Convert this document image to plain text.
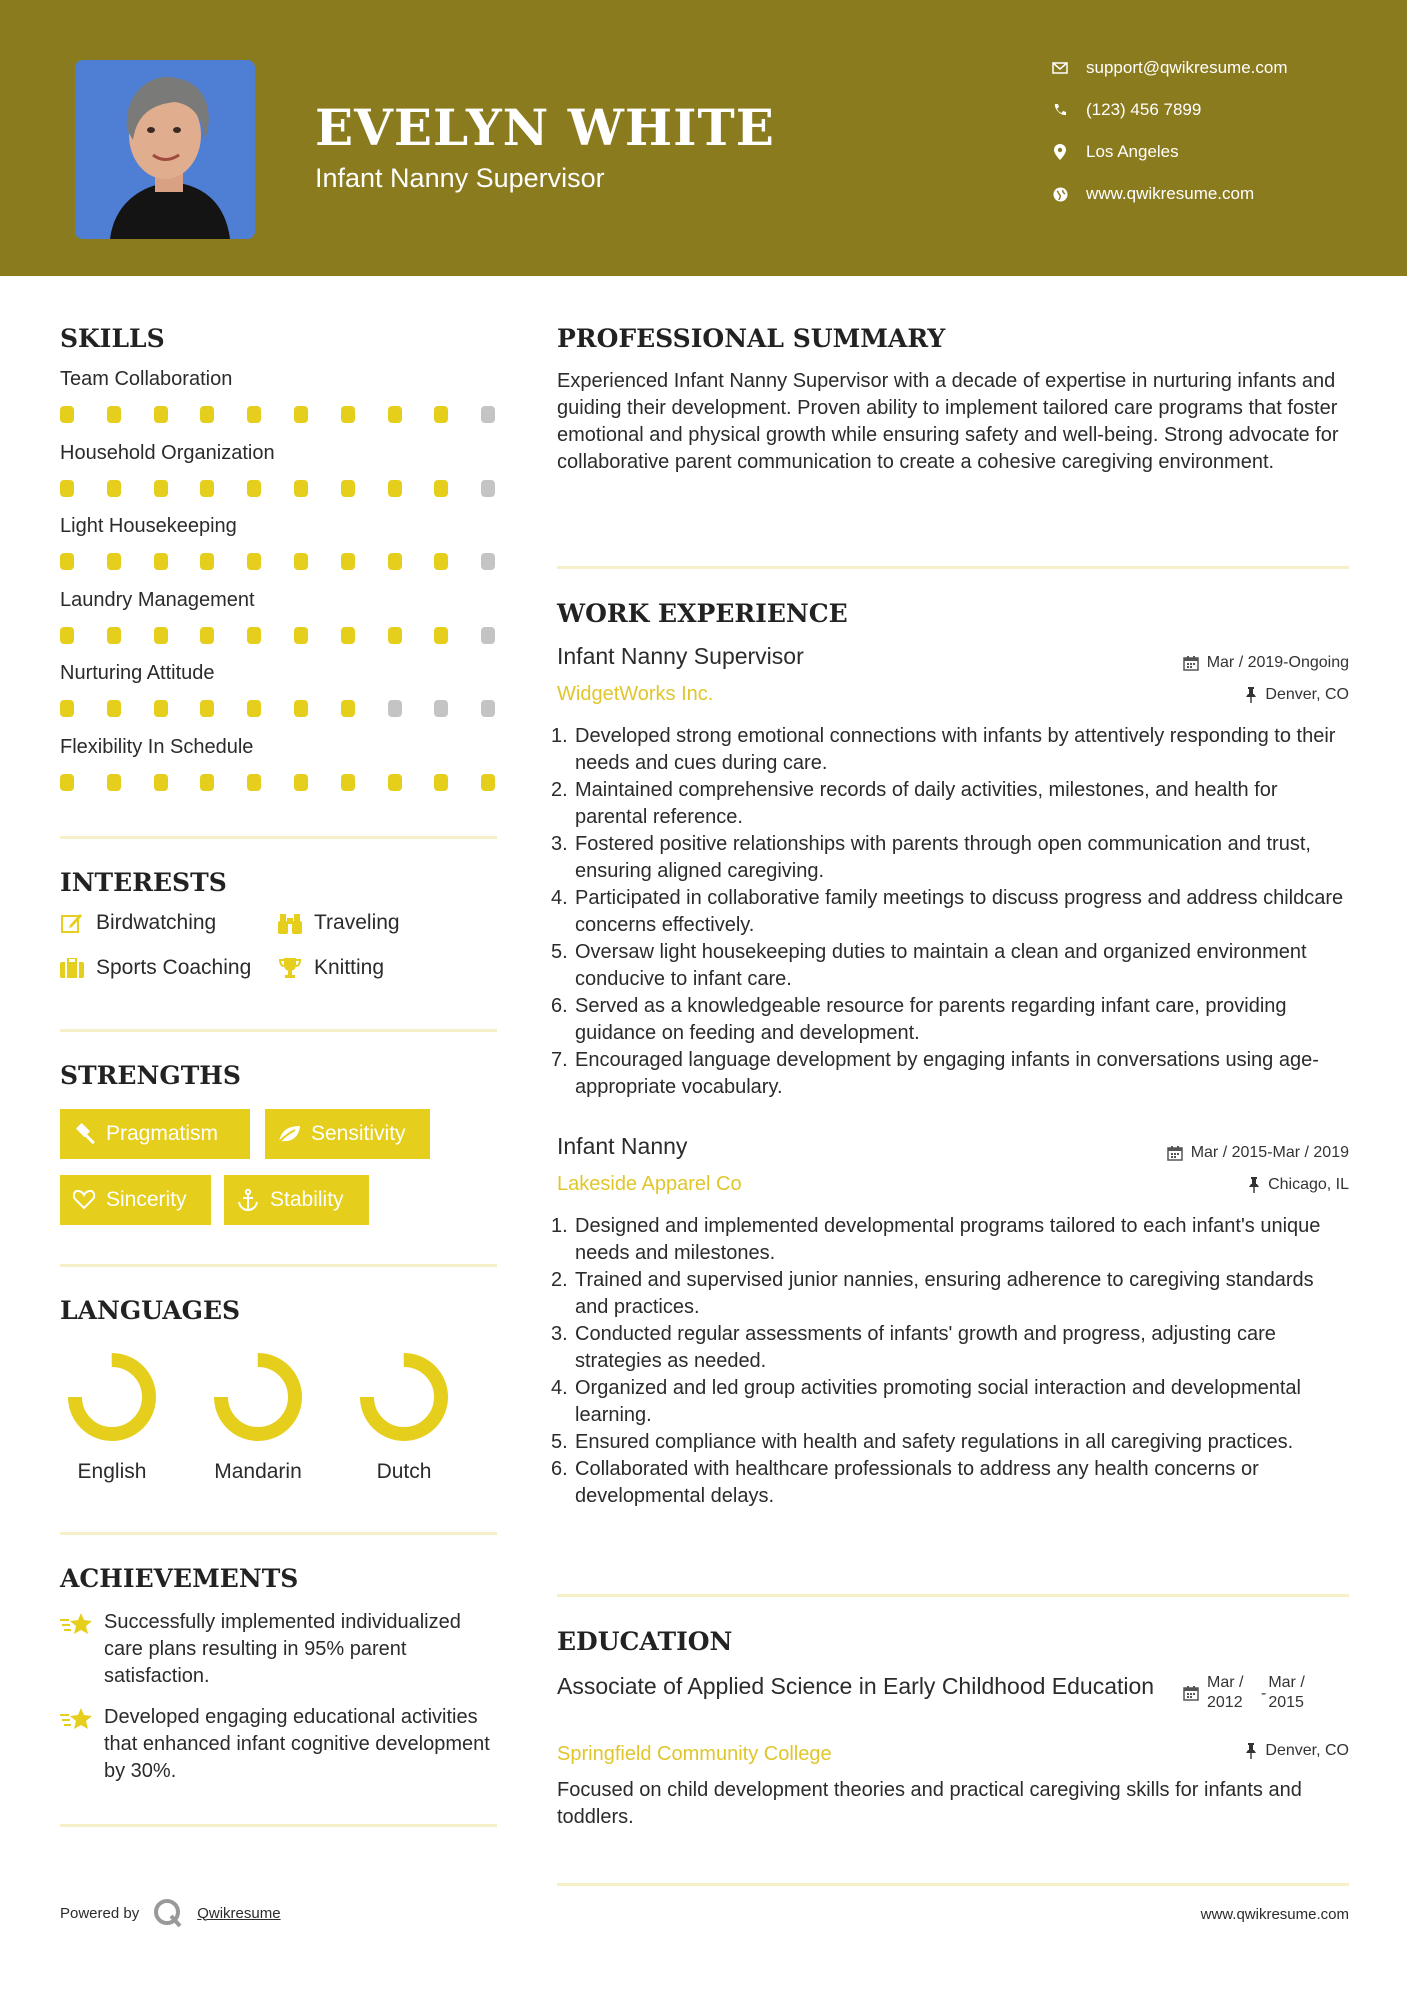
EVELYN WHITE
Infant Nanny Supervisor
support@qwikresume.com
(123) 456 7899
Los Angeles
www.qwikresume.com
SKILLS
Team Collaboration
Household Organization
Light Housekeeping
Laundry Management
Nurturing Attitude
Flexibility In Schedule
INTERESTS
Birdwatching	Traveling
Sports Coaching	Knitting
STRENGTHS
Pragmatism	Sensitivity
Sincerity	Stability
LANGUAGES
English	Mandarin	Dutch
ACHIEVEMENTS
Successfully implemented individualized care plans resulting in 95% parent satisfaction.
Developed engaging educational activities that enhanced infant cognitive development by 30%.
PROFESSIONAL SUMMARY
Experienced Infant Nanny Supervisor with a decade of expertise in nurturing infants and guiding their development. Proven ability to implement tailored care programs that foster emotional and physical growth while ensuring safety and well-being. Strong advocate for collaborative parent communication to create a cohesive caregiving environment.
WORK EXPERIENCE
Infant Nanny Supervisor
WidgetWorks Inc.
Mar / 2019-Ongoing
Denver, CO
1. Developed strong emotional connections with infants by attentively responding to their needs and cues during care.
2. Maintained comprehensive records of daily activities, milestones, and health for parental reference.
3. Fostered positive relationships with parents through open communication and trust, ensuring aligned caregiving.
4. Participated in collaborative family meetings to discuss progress and address childcare concerns effectively.
5. Oversaw light housekeeping duties to maintain a clean and organized environment conducive to infant care.
6. Served as a knowledgeable resource for parents regarding infant care, providing guidance on feeding and development.
7. Encouraged language development by engaging infants in conversations using age-appropriate vocabulary.
Infant Nanny
Lakeside Apparel Co
Mar / 2015-Mar / 2019
Chicago, IL
1. Designed and implemented developmental programs tailored to each infant's unique needs and milestones.
2. Trained and supervised junior nannies, ensuring adherence to caregiving standards and practices.
3. Conducted regular assessments of infants' growth and progress, adjusting care strategies as needed.
4. Organized and led group activities promoting social interaction and developmental learning.
5. Ensured compliance with health and safety regulations in all caregiving practices.
6. Collaborated with healthcare professionals to address any health concerns or developmental delays.
EDUCATION
Associate of Applied Science in Early Childhood Education
Springfield Community College
Mar / 2012
-
Mar / 2015
Denver, CO
Focused on child development theories and practical caregiving skills for infants and toddlers.
Powered by	Qwikresume	www.qwikresume.com
